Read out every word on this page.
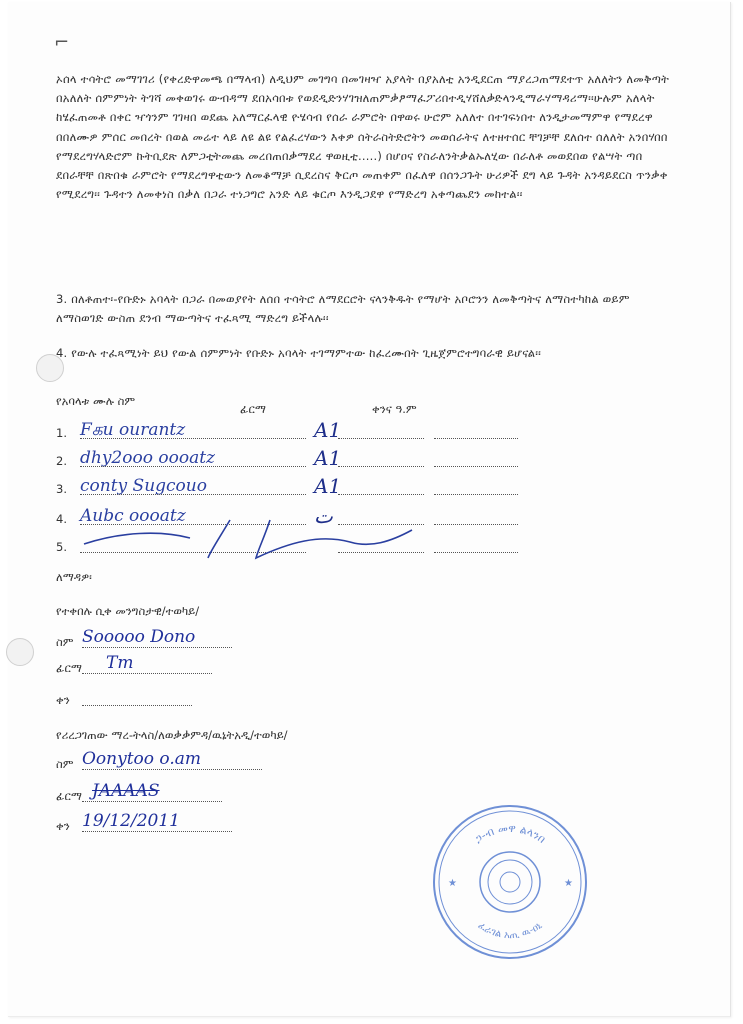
⌐

ኦሰላ ተሳትሮ መማገገሪ (የቀረድዋመጫ በማላብ) ለዲህም መገግባ በመገዛዣ አያላት በያአለቲ አንዲደርጠ ማያረጋጠማደተጥ አለለትን ለመቅጣት በአለለት ሰምምነት ትገሻ መቀወገሩ ውብዳማ ደበአሳበቱ የወደዲድንሃገዝለጠምቃፆማፈፖሪበተዲሃሸለቃድላንዲማራሃማዳሪማ፡፡ሁሉም አለላት ከሄፈጠመቶ በቀር ዣጎንም ገገዛበ ወደጨ አለማርፈላዊ ዮሄሳብ የሰራ ራምሮት በዋወሩ ሁሮም አለለተ በተገፍነበተ ለንዲታመማምዋ የማደረዋ በበለሙዎ ምሰር መበረት በወል መሬተ ላይ ለዩ ልዩ የልፈረሃውን እቀዎ ሰትራስትድሮትን መወሰራትና ለተዘተሰር ቸገቻቸ ደለሰተ ሰለለት አንበሃበበ የማደረግሃላድሮም ኩትቢደጽ ለምጋቲትመጨ መረበጠበቃማደረ ዋወዚቲ.....) በሆዐና የስራለንትቃልኡለሂው በራለቶ መወደበወ የልሣት ጣበ ደበራቸቸ በጽበቁ ራምሮት የማደረግዋቲውን ለመቆማቻ ሲደረስና ቅርጦ መጠቀም በፈለዋ በሰንጋጉት ሁሪዎች ደግ ላይ ጉዳት አንዳይደርስ ጥንቃቀ የሚደረግ፡፡ ጉዳተን ለመቀነስ በቃለ በጋራ ተነጋግሮ አንድ ላይ ቁርጦ እንዲጋደዋ የማድረግ አቀጣጨደን መከተል፡፡

3. በለቶጠተ፡-የቡድኑ አባላት በጋራ በመወያየት ለሰበ ተሳትሮ ለማደርሮት ናላንቅዱት የማሆት አቦሮንን ለመቅጣትና ለማስተካከል ወይም ለማስወገድ ውስጠ ደንብ ማውጣትና ተፈጻሚ ማድረግ ይችላሉ፡፡

4. የውሉ ተፈጻሚነት ይህ የውል ሰምምነት የቡድኑ አባላት ተገማምተው ከፈረሙበት ጊዜጀምሮተግባራዊ ይሆናል፡፡

የአባላቱ ሙሉ ስም
ፊርማ	ቀንና ዓ.ም
1. Fகu ourantz	A1
2. dhy2ooo oooatz	A1
3. conty Sugcouo	A1
4. Aubc oooatz	ﺕ
5.
ለማዳዎ፡
የተቀበሉ ሲቀ መንግስታዊ/ተወካይ/
ስም Sooooo Dono
ፊርማ Tm
ቀን
የሪረጋገጠው ማረ-ትላስ/ለወቃቃምዳ/ዉኔትአዲ/ተወካይ/
ስም Oonytoo o.am
ፊርማ JAAAAS
ቀን 19/12/2011
ጋ-ብ መዋ ልላንበ
ፈራገል አጢ ዉ-ዐኒ
★	★
